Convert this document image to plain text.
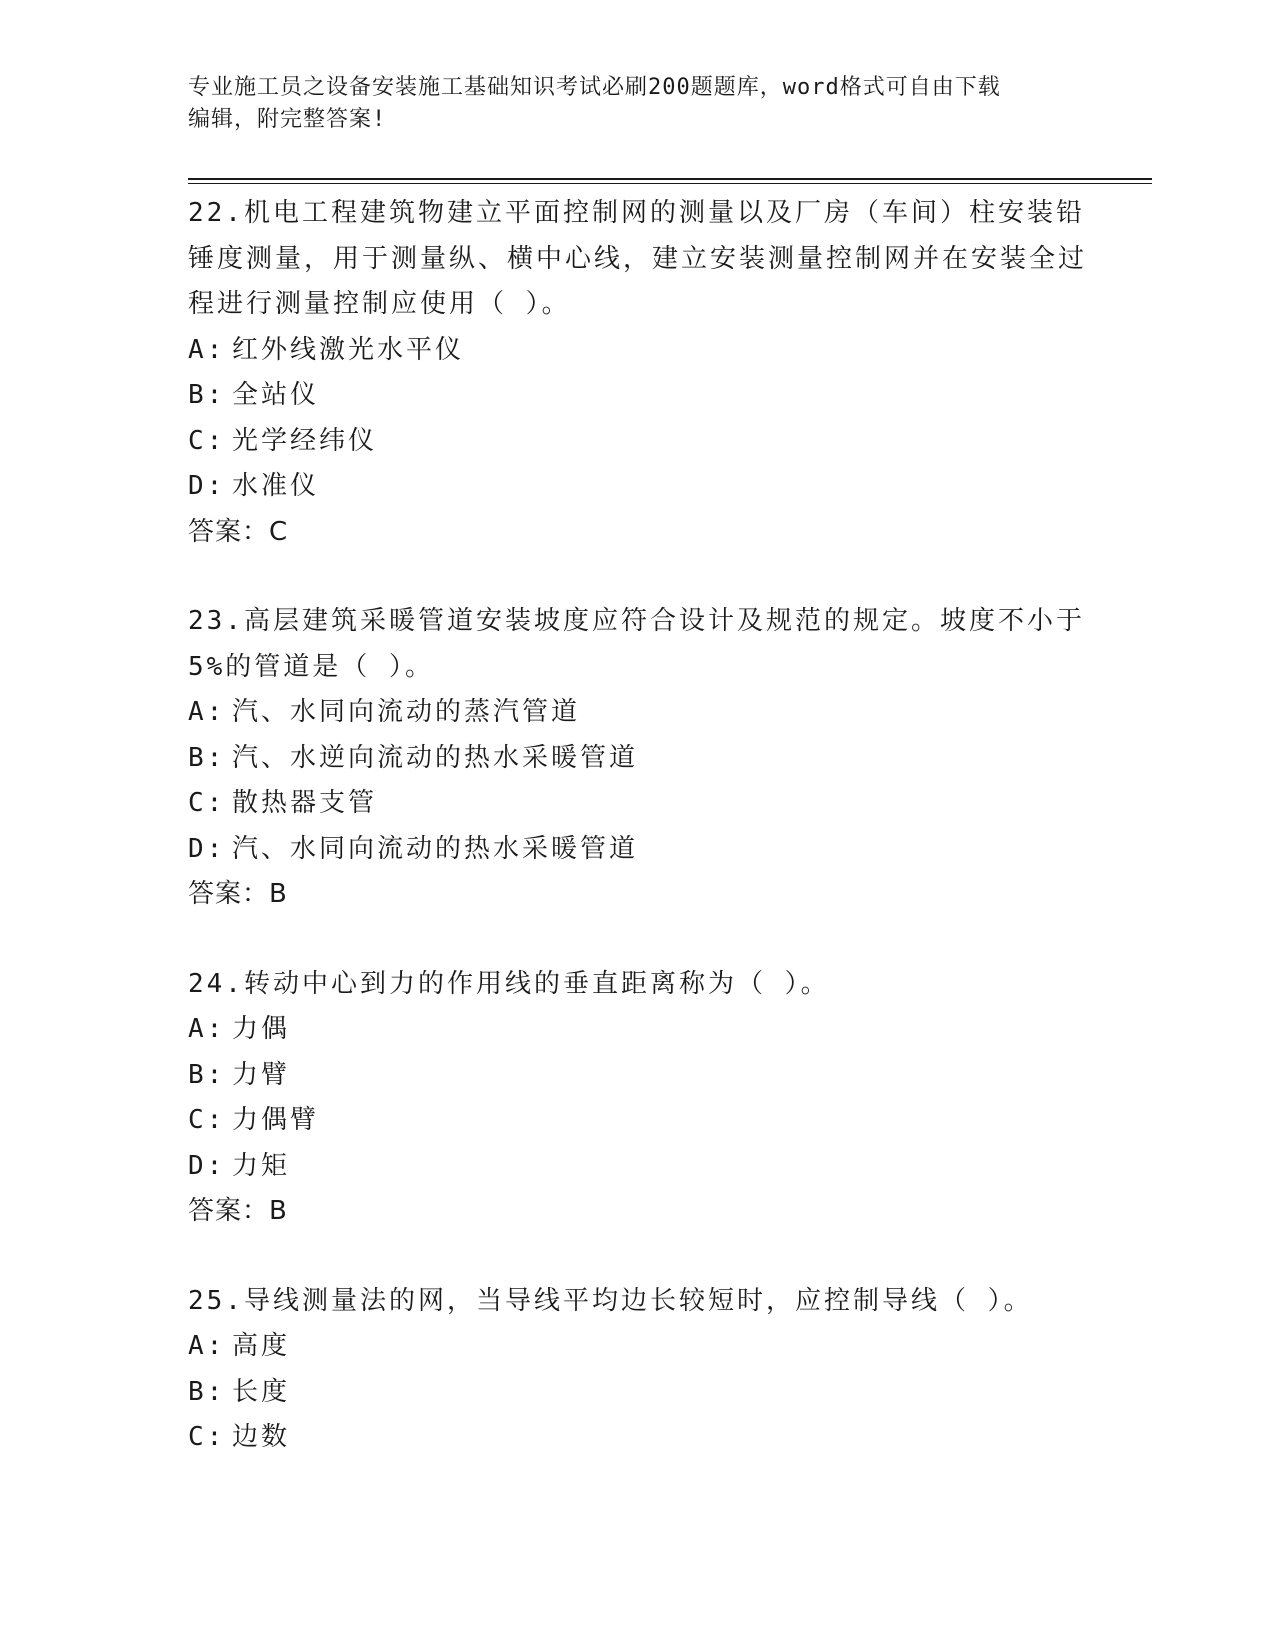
专业施工员之设备安装施工基础知识考试必刷200题题库，word格式可自由下载
编辑，附完整答案!
22.机电工程建筑物建立平面控制网的测量以及厂房（车间）柱安装铅锤度测量，用于测量纵、横中心线，建立安装测量控制网并在安装全过程进行测量控制应使用（ ）。
A: 红外线激光水平仪
B: 全站仪
C: 光学经纬仪
D: 水准仪
答案：C
23.高层建筑采暖管道安装坡度应符合设计及规范的规定。坡度不小于5%的管道是（ ）。
A: 汽、水同向流动的蒸汽管道
B: 汽、水逆向流动的热水采暖管道
C: 散热器支管
D: 汽、水同向流动的热水采暖管道
答案：B
24.转动中心到力的作用线的垂直距离称为（ ）。
A: 力偶
B: 力臂
C: 力偶臂
D: 力矩
答案：B
25.导线测量法的网，当导线平均边长较短时，应控制导线（ ）。
A: 高度
B: 长度
C: 边数
